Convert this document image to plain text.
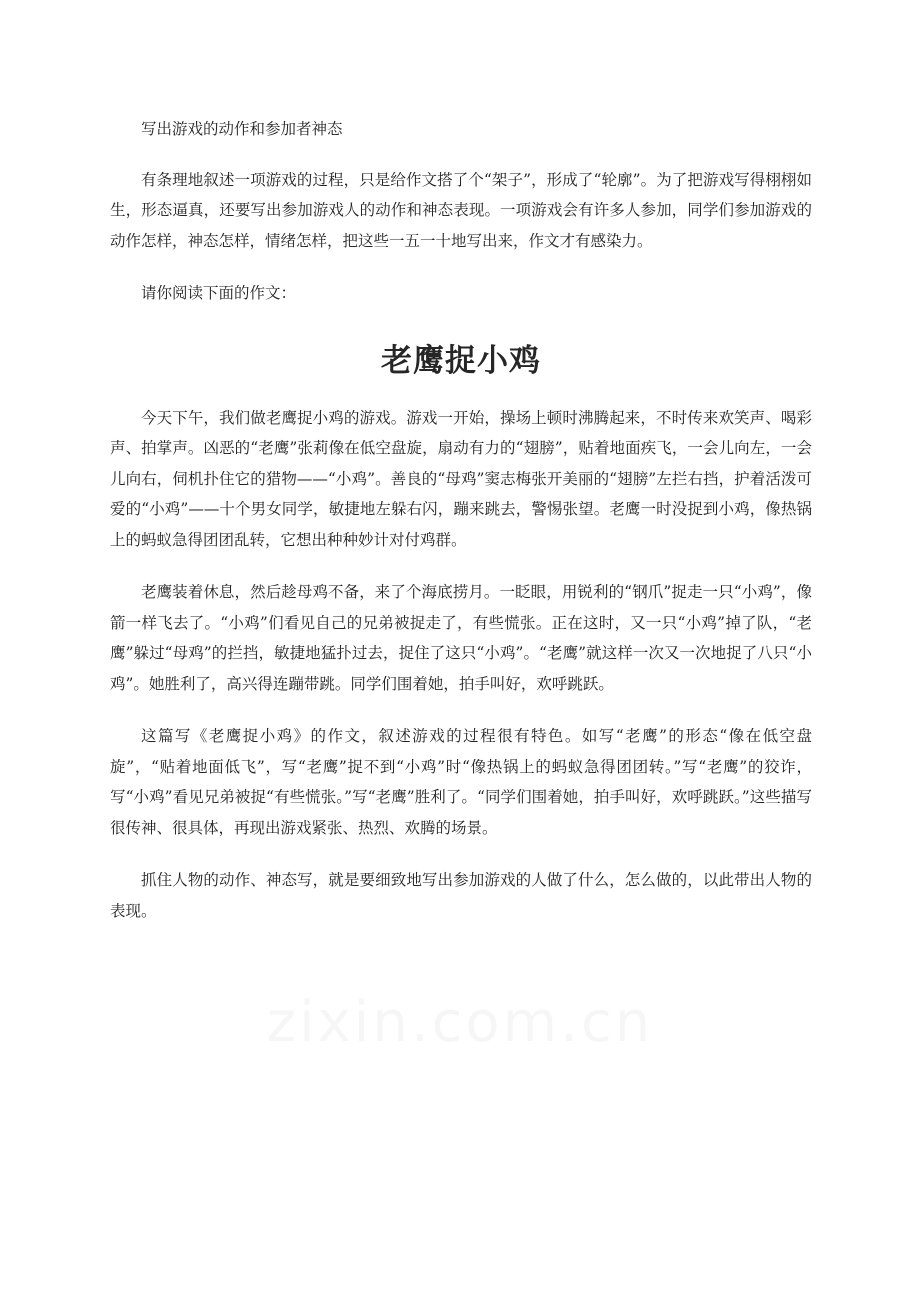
写出游戏的动作和参加者神态

有条理地叙述一项游戏的过程，只是给作文搭了个“架子”，形成了“轮廓”。为了把游戏写得栩栩如生，形态逼真，还要写出参加游戏人的动作和神态表现。一项游戏会有许多人参加，同学们参加游戏的动作怎样，神态怎样，情绪怎样，把这些一五一十地写出来，作文才有感染力。

请你阅读下面的作文：

老鹰捉小鸡

今天下午，我们做老鹰捉小鸡的游戏。游戏一开始，操场上顿时沸腾起来，不时传来欢笑声、喝彩声、拍掌声。凶恶的“老鹰”张莉像在低空盘旋，扇动有力的“翅膀”，贴着地面疾飞，一会儿向左，一会儿向右，伺机扑住它的猎物——“小鸡”。善良的“母鸡”窦志梅张开美丽的“翅膀”左拦右挡，护着活泼可爱的“小鸡”——十个男女同学，敏捷地左躲右闪，蹦来跳去，警惕张望。老鹰一时没捉到小鸡，像热锅上的蚂蚁急得团团乱转，它想出种种妙计对付鸡群。

老鹰装着休息，然后趁母鸡不备，来了个海底捞月。一眨眼，用锐利的“钢爪”捉走一只“小鸡”，像箭一样飞去了。“小鸡”们看见自己的兄弟被捉走了，有些慌张。正在这时，又一只“小鸡”掉了队，“老鹰”躲过“母鸡”的拦挡，敏捷地猛扑过去，捉住了这只“小鸡”。“老鹰”就这样一次又一次地捉了八只“小鸡”。她胜利了，高兴得连蹦带跳。同学们围着她，拍手叫好，欢呼跳跃。

这篇写《老鹰捉小鸡》的作文，叙述游戏的过程很有特色。如写“老鹰”的形态“像在低空盘旋”，“贴着地面低飞”，写“老鹰”捉不到“小鸡”时“像热锅上的蚂蚁急得团团转。”写“老鹰”的狡诈，写“小鸡”看见兄弟被捉“有些慌张。”写“老鹰”胜利了。“同学们围着她，拍手叫好，欢呼跳跃。”这些描写很传神、很具体，再现出游戏紧张、热烈、欢腾的场景。

抓住人物的动作、神态写，就是要细致地写出参加游戏的人做了什么，怎么做的，以此带出人物的表现。
